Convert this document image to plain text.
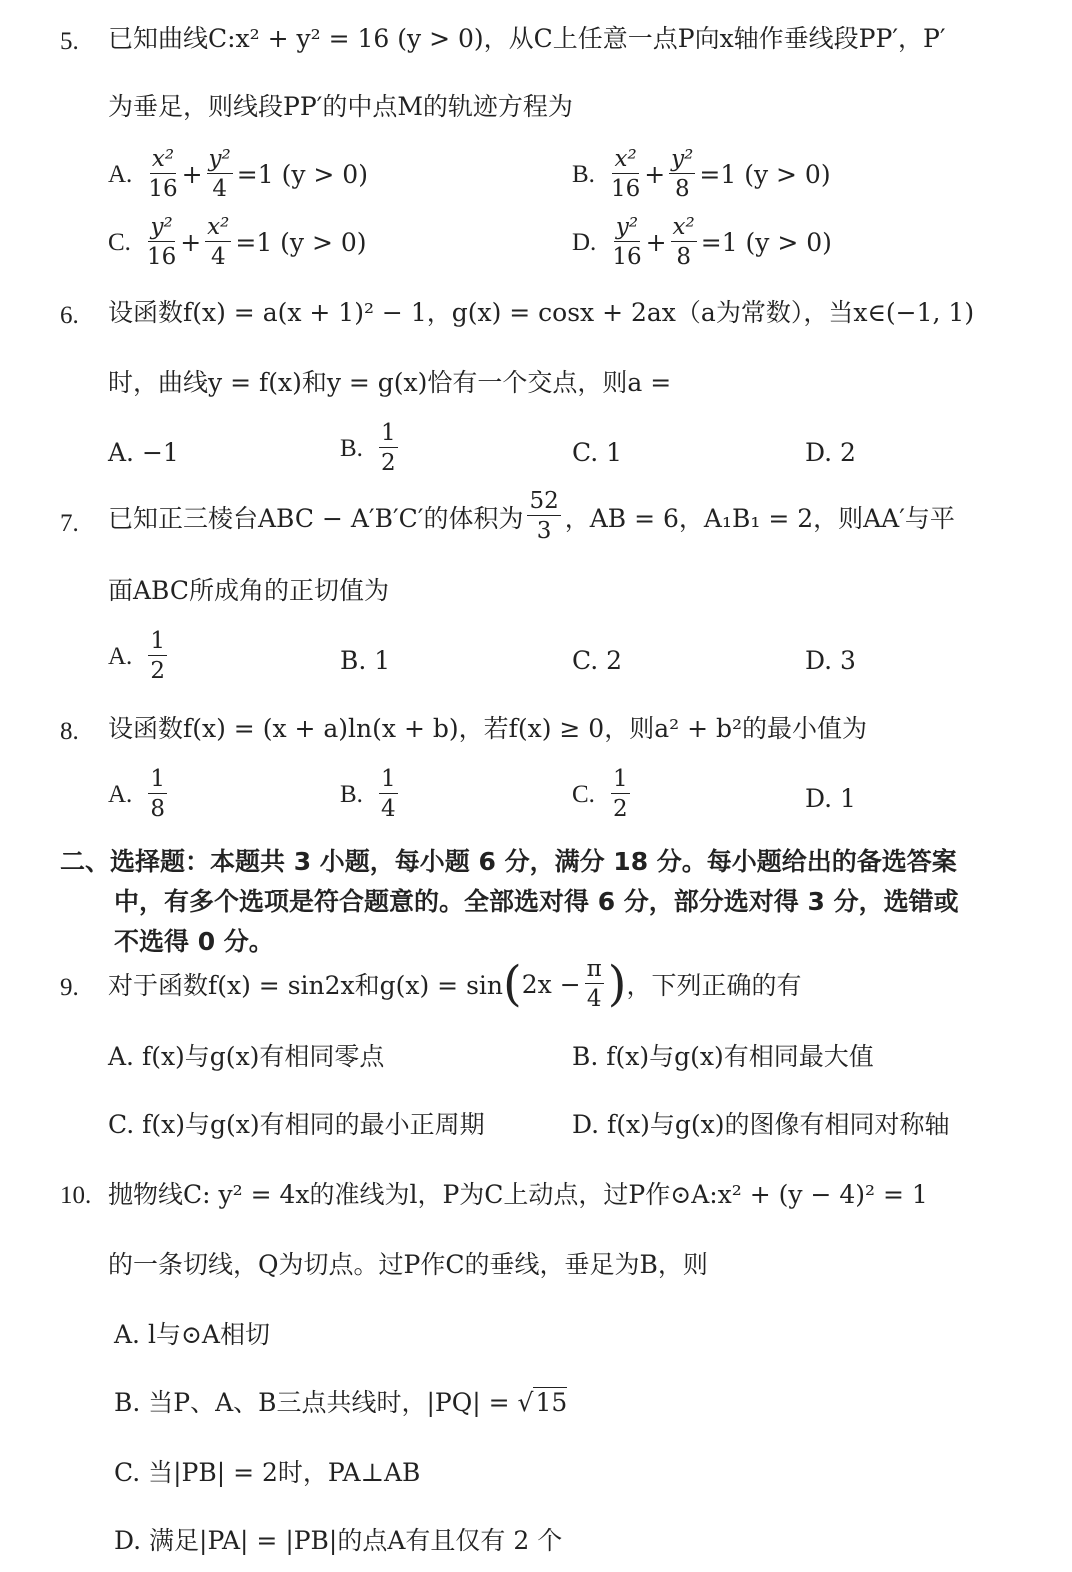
5. 已知曲线C:x² + y² = 16 (y > 0)，从C上任意一点P向x轴作垂线段PP′，P′
为垂足，则线段PP′的中点M的轨迹方程为
A. $\frac{\text{x²}}{16} + \frac{\text{y²}}{4} =1$ (y > 0)	B. $\frac{\text{x²}}{16} + \frac{\text{y²}}{8} =1$ (y > 0)
C. $\frac{\text{y²}}{16} + \frac{\text{x²}}{4} =1$ (y > 0)	D. $\frac{\text{y²}}{16} + \frac{\text{x²}}{8} =1$ (y > 0)
6. 设函数f(x) = a(x + 1)² − 1，g(x) = cosx + 2ax（a为常数），当x∈(−1, 1)
时，曲线y = f(x)和y = g(x)恰有一个交点，则a =
A. −1	B. $\frac{1}{2}$	C. 1	D. 2
7. 已知正三棱台ABC − A′B′C′的体积为 $\frac{52}{3}$ ，AB = 6，A₁B₁ = 2，则AA′与平
面ABC所成角的正切值为
A. $\frac{1}{2}$	B. 1	C. 2	D. 3
8. 设函数f(x) = (x + a)ln(x + b)，若f(x) ≥ 0，则a² + b²的最小值为
A. $\frac{1}{8}$	B. $\frac{1}{4}$	C. $\frac{1}{2}$	D. 1
二、选择题：本题共 3 小题，每小题 6 分，满分 18 分。每小题给出的备选答案
中，有多个选项是符合题意的。全部选对得 6 分，部分选对得 3 分，选错或
不选得 0 分。
9. 对于函数f(x) = sin2x和g(x) = sin ( $2x - \frac{\pi}{4}$ ) ，下列正确的有
A. f(x)与g(x)有相同零点	B. f(x)与g(x)有相同最大值
C. f(x)与g(x)有相同的最小正周期	D. f(x)与g(x)的图像有相同对称轴
10. 抛物线C: y² = 4x的准线为l，P为C上动点，过P作⊙A:x² + (y − 4)² = 1
的一条切线，Q为切点。过P作C的垂线，垂足为B，则
A. l与⊙A相切
B. 当P、A、B三点共线时，|PQ| = √15
C. 当|PB| = 2时，PA⊥AB
D. 满足|PA| = |PB|的点A有且仅有 2 个
